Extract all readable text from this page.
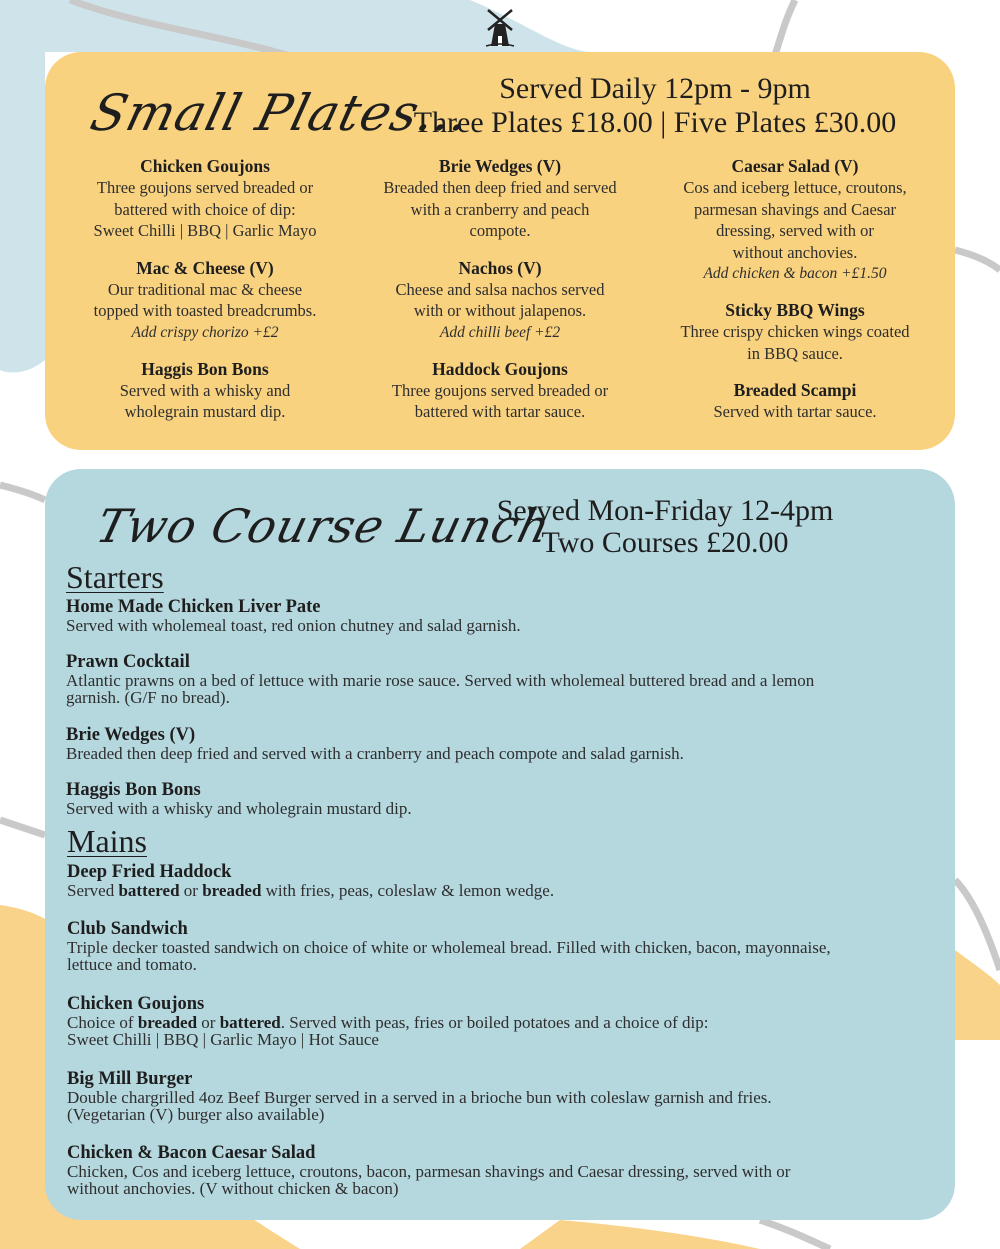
Small Plates... Served Daily 12pm - 9pm
Three Plates £18.00 | Five Plates £30.00
Chicken Goujons
Three goujons served breaded or
battered with choice of dip:
Sweet Chilli | BBQ | Garlic Mayo
Mac & Cheese (V)
Our traditional mac & cheese
topped with toasted breadcrumbs.
Add crispy chorizo +£2
Haggis Bon Bons
Served with a whisky and
wholegrain mustard dip.
Brie Wedges (V)
Breaded then deep fried and served
with a cranberry and peach
compote.
Nachos (V)
Cheese and salsa nachos served
with or without jalapenos.
Add chilli beef +£2
Haddock Goujons
Three goujons served breaded or
battered with tartar sauce.
Caesar Salad (V)
Cos and iceberg lettuce, croutons,
parmesan shavings and Caesar
dressing, served with or
without anchovies.
Add chicken & bacon +£1.50
Sticky BBQ Wings
Three crispy chicken wings coated
in BBQ sauce.
Breaded Scampi
Served with tartar sauce.
Two Course Lunch
Served Mon-Friday 12-4pm
Two Courses £20.00
Starters
Home Made Chicken Liver Pate
Served with wholemeal toast, red onion chutney and salad garnish.
Prawn Cocktail
Atlantic prawns on a bed of lettuce with marie rose sauce. Served with wholemeal buttered bread and a lemon
garnish. (G/F no bread).
Brie Wedges (V)
Breaded then deep fried and served with a cranberry and peach compote and salad garnish.
Haggis Bon Bons
Served with a whisky and wholegrain mustard dip.
Mains
Deep Fried Haddock
Served battered or breaded with fries, peas, coleslaw & lemon wedge.
Club Sandwich
Triple decker toasted sandwich on choice of white or wholemeal bread. Filled with chicken, bacon, mayonnaise,
lettuce and tomato.
Chicken Goujons
Choice of breaded or battered. Served with peas, fries or boiled potatoes and a choice of dip:
Sweet Chilli | BBQ | Garlic Mayo | Hot Sauce
Big Mill Burger
Double chargrilled 4oz Beef Burger served in a served in a brioche bun with coleslaw garnish and fries.
(Vegetarian (V) burger also available)
Chicken & Bacon Caesar Salad
Chicken, Cos and iceberg lettuce, croutons, bacon, parmesan shavings and Caesar dressing, served with or
without anchovies. (V without chicken & bacon)
